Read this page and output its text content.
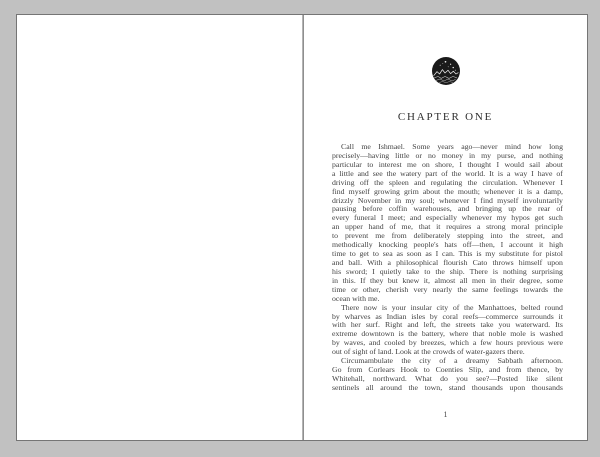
CHAPTER ONE
Call me Ishmael. Some years ago—never mind how long
precisely—having little or no money in my purse, and nothing
particular to interest me on shore, I thought I would sail about
a little and see the watery part of the world. It is a way I have of
driving off the spleen and regulating the circulation. Whenever I
find myself growing grim about the mouth; whenever it is a damp,
drizzly November in my soul; whenever I find myself involuntarily
pausing before coffin warehouses, and bringing up the rear of
every funeral I meet; and especially whenever my hypos get such
an upper hand of me, that it requires a strong moral principle
to prevent me from deliberately stepping into the street, and
methodically knocking people's hats off—then, I account it high
time to get to sea as soon as I can. This is my substitute for pistol
and ball. With a philosophical flourish Cato throws himself upon
his sword; I quietly take to the ship. There is nothing surprising
in this. If they but knew it, almost all men in their degree, some
time or other, cherish very nearly the same feelings towards the
ocean with me.
There now is your insular city of the Manhattoes, belted round
by wharves as Indian isles by coral reefs—commerce surrounds it
with her surf. Right and left, the streets take you waterward. Its
extreme downtown is the battery, where that noble mole is washed
by waves, and cooled by breezes, which a few hours previous were
out of sight of land. Look at the crowds of water-gazers there.
Circumambulate the city of a dreamy Sabbath afternoon.
Go from Corlears Hook to Coenties Slip, and from thence, by
Whitehall, northward. What do you see?—Posted like silent
sentinels all around the town, stand thousands upon thousands
1
